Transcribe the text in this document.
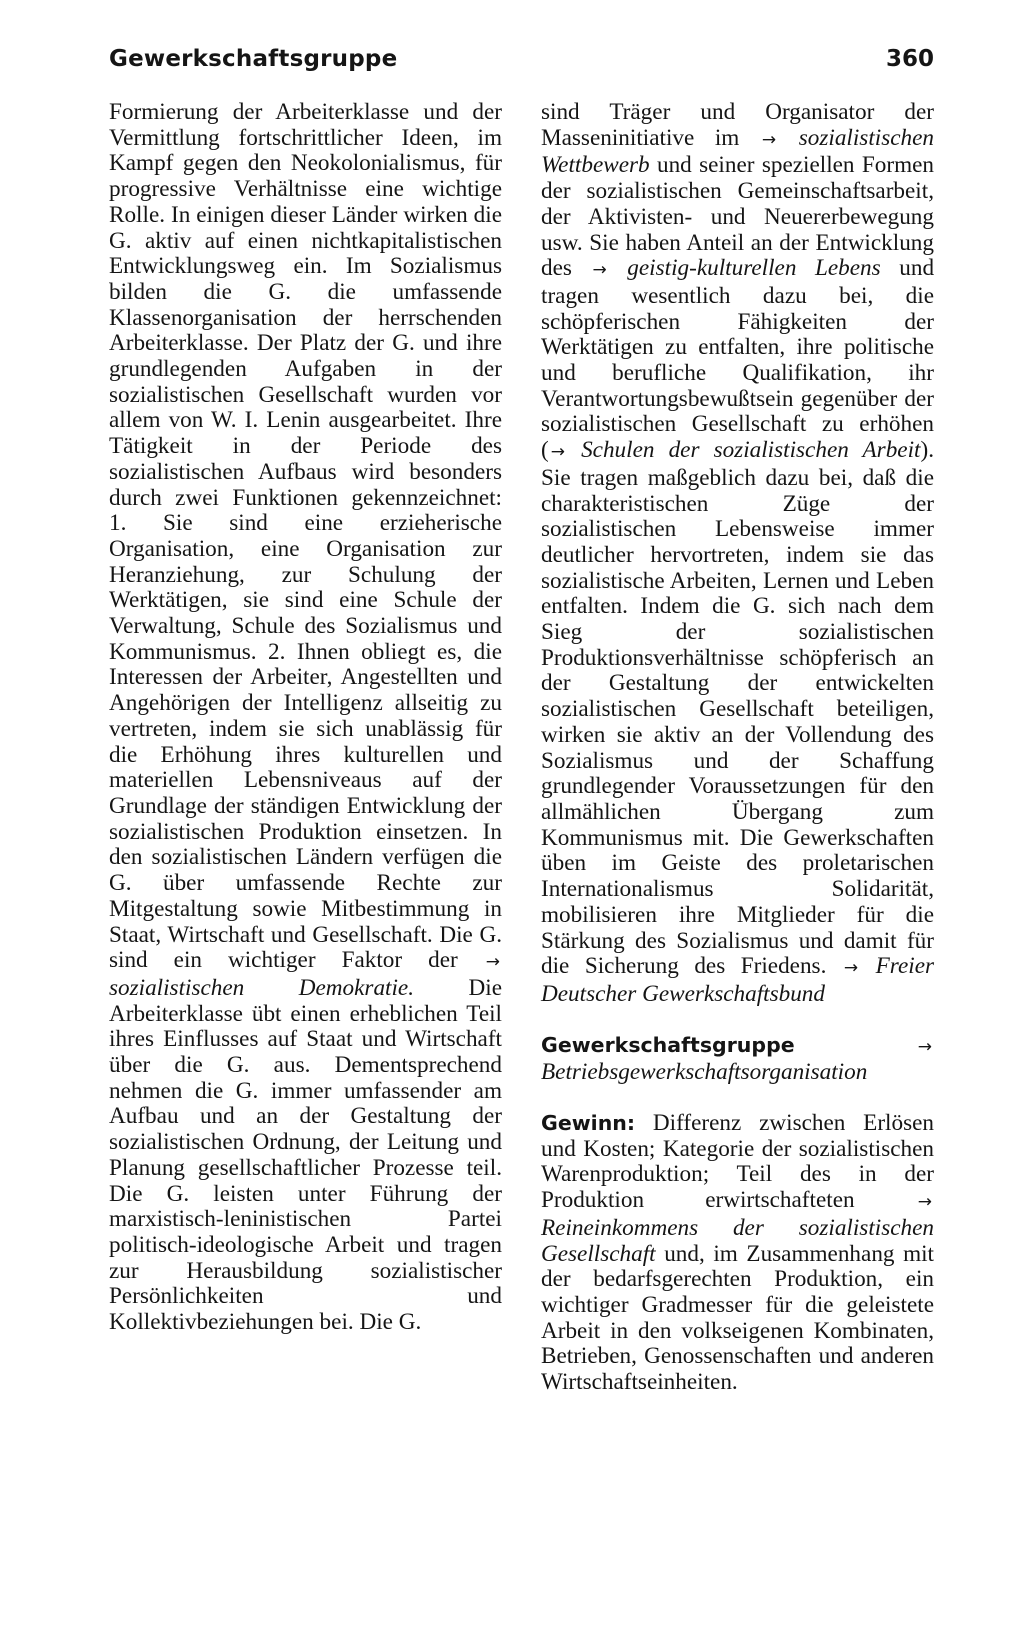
Gewerkschaftsgruppe	360

Formierung der Arbeiterklasse und der Vermittlung fortschrittlicher Ideen, im Kampf gegen den Neokolonialismus, für progressive Verhältnisse eine wichtige Rolle. In einigen dieser Länder wirken die G. aktiv auf einen nichtkapitalistischen Entwicklungsweg ein. Im Sozialismus bilden die G. die umfassende Klassenorganisation der herrschenden Arbeiterklasse. Der Platz der G. und ihre grundlegenden Aufgaben in der sozialistischen Gesellschaft wurden vor allem von W. I. Lenin ausgearbeitet. Ihre Tätigkeit in der Periode des sozialistischen Aufbaus wird besonders durch zwei Funktionen gekennzeichnet: 1. Sie sind eine erzieherische Organisation, eine Organisation zur Heranziehung, zur Schulung der Werktätigen, sie sind eine Schule der Verwaltung, Schule des Sozialismus und Kommunismus. 2. Ihnen obliegt es, die Interessen der Arbeiter, Angestellten und Angehörigen der Intelligenz allseitig zu vertreten, indem sie sich unablässig für die Erhöhung ihres kulturellen und materiellen Lebensniveaus auf der Grundlage der ständigen Entwicklung der sozialistischen Produktion einsetzen. In den sozialistischen Ländern verfügen die G. über umfassende Rechte zur Mitgestaltung sowie Mitbestimmung in Staat, Wirtschaft und Gesellschaft. Die G. sind ein wichtiger Faktor der → sozialistischen Demokratie. Die Arbeiterklasse übt einen erheblichen Teil ihres Einflusses auf Staat und Wirtschaft über die G. aus. Dementsprechend nehmen die G. immer umfassender am Aufbau und an der Gestaltung der sozialistischen Ordnung, der Leitung und Planung gesellschaftlicher Prozesse teil. Die G. leisten unter Führung der marxistisch-leninistischen Partei politisch-ideologische Arbeit und tragen zur Herausbildung sozialistischer Persönlichkeiten und Kollektivbeziehungen bei. Die G.

sind Träger und Organisator der Masseninitiative im → sozialistischen Wettbewerb und seiner speziellen Formen der sozialistischen Gemeinschaftsarbeit, der Aktivisten- und Neuererbewegung usw. Sie haben Anteil an der Entwicklung des → geistig-kulturellen Lebens und tragen wesentlich dazu bei, die schöpferischen Fähigkeiten der Werktätigen zu entfalten, ihre politische und berufliche Qualifikation, ihr Verantwortungsbewußtsein gegenüber der sozialistischen Gesellschaft zu erhöhen ( → Schulen der sozialistischen Arbeit). Sie tragen maßgeblich dazu bei, daß die charakteristischen Züge der sozialistischen Lebensweise immer deutlicher hervortreten, indem sie das sozialistische Arbeiten, Lernen und Leben entfalten. Indem die G. sich nach dem Sieg der sozialistischen Produktionsverhältnisse schöpferisch an der Gestaltung der entwickelten sozialistischen Gesellschaft beteiligen, wirken sie aktiv an der Vollendung des Sozialismus und der Schaffung grundlegender Voraussetzungen für den allmählichen Übergang zum Kommunismus mit. Die Gewerkschaften üben im Geiste des proletarischen Internationalismus Solidarität, mobilisieren ihre Mitglieder für die Stärkung des Sozialismus und damit für die Sicherung des Friedens. → Freier Deutscher Gewerkschaftsbund

Gewerkschaftsgruppe	→ Betriebsgewerkschaftsorganisation

Gewinn: Differenz zwischen Erlösen und Kosten; Kategorie der sozialistischen Warenproduktion; Teil des in der Produktion erwirtschafteten	→ Reineinkommens der sozialistischen Gesellschaft und, im Zusammenhang mit der bedarfsgerechten Produktion, ein wichtiger Gradmesser für die geleistete Arbeit in den volkseigenen Kombinaten, Betrieben, Genossenschaften und anderen Wirtschaftseinheiten.
